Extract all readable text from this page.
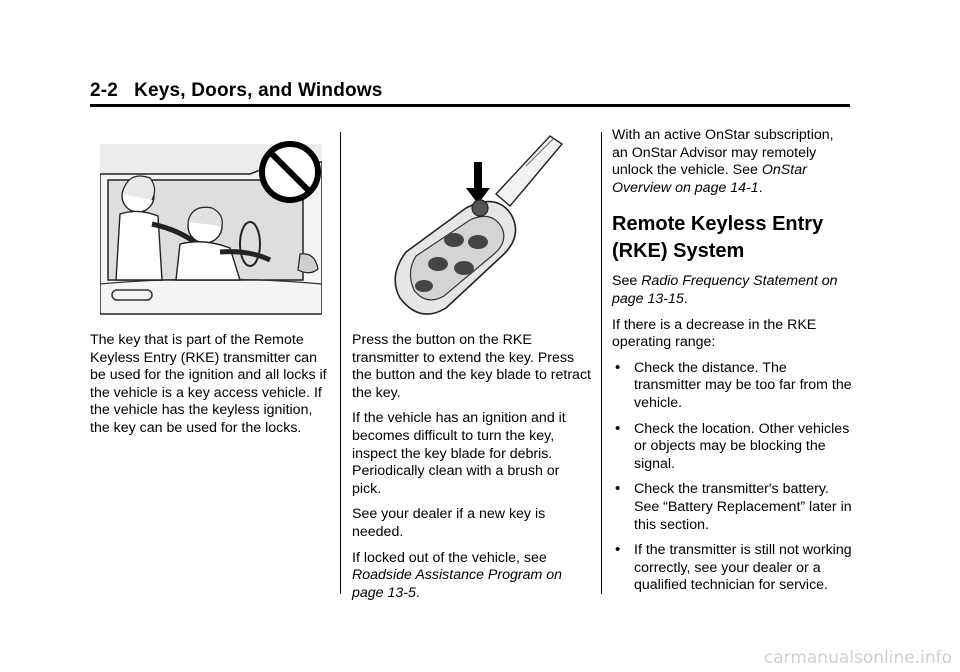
2-2 Keys, Doors, and Windows

The key that is part of the Remote Keyless Entry (RKE) transmitter can be used for the ignition and all locks if the vehicle is a key access vehicle. If the vehicle has the keyless ignition, the key can be used for the locks.

Press the button on the RKE transmitter to extend the key. Press the button and the key blade to retract the key.

If the vehicle has an ignition and it becomes difficult to turn the key, inspect the key blade for debris. Periodically clean with a brush or pick.

See your dealer if a new key is needed.

If locked out of the vehicle, see Roadside Assistance Program on page 13-5.

With an active OnStar subscription, an OnStar Advisor may remotely unlock the vehicle. See OnStar Overview on page 14-1.

Remote Keyless Entry (RKE) System

See Radio Frequency Statement on page 13-15.

If there is a decrease in the RKE operating range:

• Check the distance. The transmitter may be too far from the vehicle.
• Check the location. Other vehicles or objects may be blocking the signal.
• Check the transmitter's battery. See “Battery Replacement” later in this section.
• If the transmitter is still not working correctly, see your dealer or a qualified technician for service.
carmanualsonline.info
